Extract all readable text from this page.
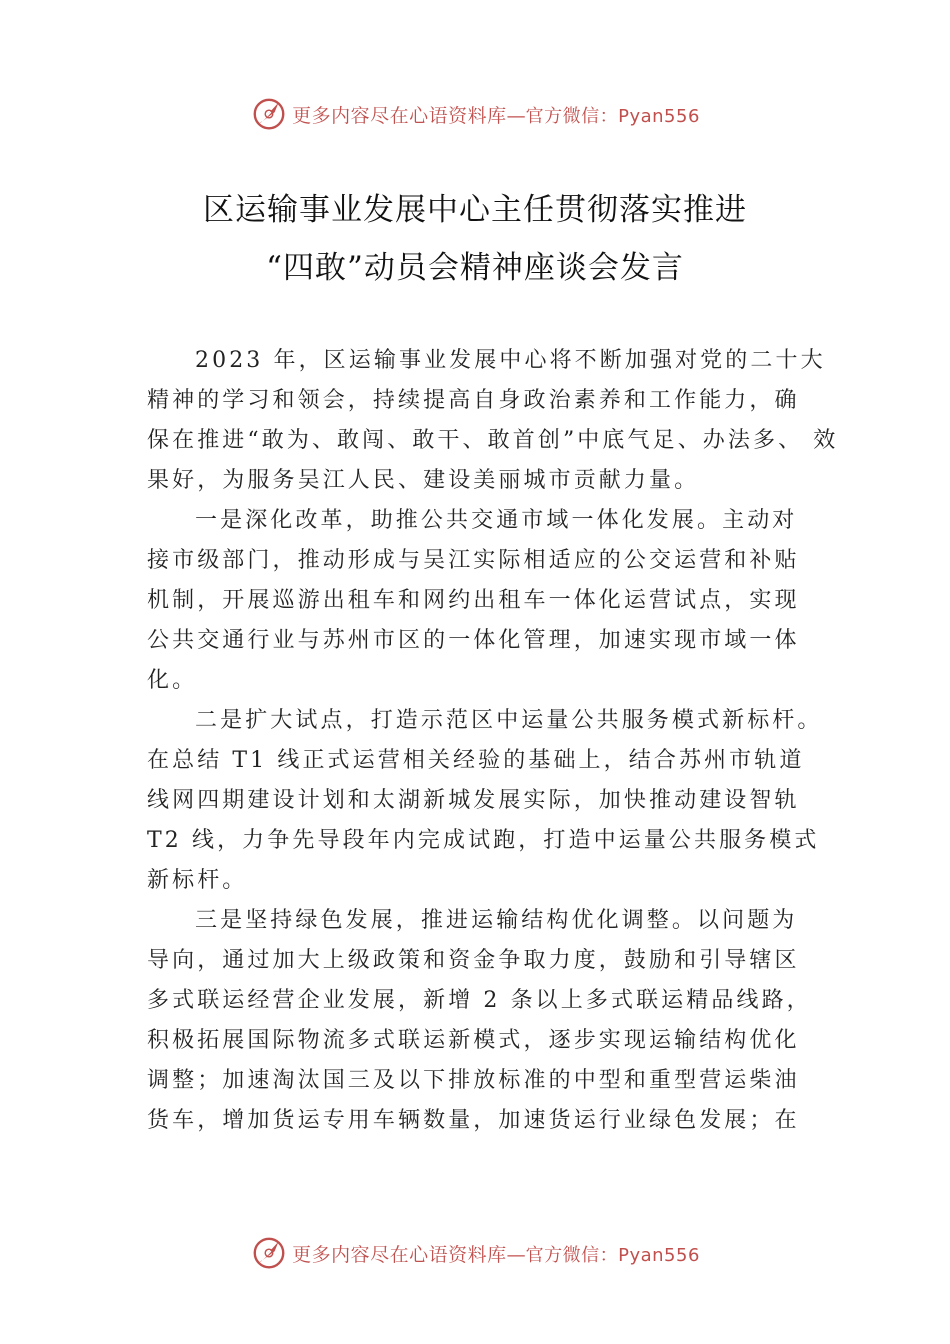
更多内容尽在心语资料库—官方微信：Pyan556
区运输事业发展中心主任贯彻落实推进
“四敢”动员会精神座谈会发言
2023 年，区运输事业发展中心将不断加强对党的二十大
精神的学习和领会，持续提高自身政治素养和工作能力，确
保在推进“敢为、敢闯、敢干、敢首创”中底气足、办法多、 效
果好，为服务吴江人民、建设美丽城市贡献力量。
一是深化改革，助推公共交通市域一体化发展。主动对
接市级部门，推动形成与吴江实际相适应的公交运营和补贴
机制，开展巡游出租车和网约出租车一体化运营试点，实现
公共交通行业与苏州市区的一体化管理，加速实现市域一体
化。
二是扩大试点，打造示范区中运量公共服务模式新标杆。
在总结 T1 线正式运营相关经验的基础上，结合苏州市轨道
线网四期建设计划和太湖新城发展实际，加快推动建设智轨
T2 线，力争先导段年内完成试跑，打造中运量公共服务模式
新标杆。
三是坚持绿色发展，推进运输结构优化调整。以问题为
导向，通过加大上级政策和资金争取力度，鼓励和引导辖区
多式联运经营企业发展，新增 2 条以上多式联运精品线路，
积极拓展国际物流多式联运新模式，逐步实现运输结构优化
调整；加速淘汰国三及以下排放标准的中型和重型营运柴油
货车，增加货运专用车辆数量，加速货运行业绿色发展；在
更多内容尽在心语资料库—官方微信：Pyan556
